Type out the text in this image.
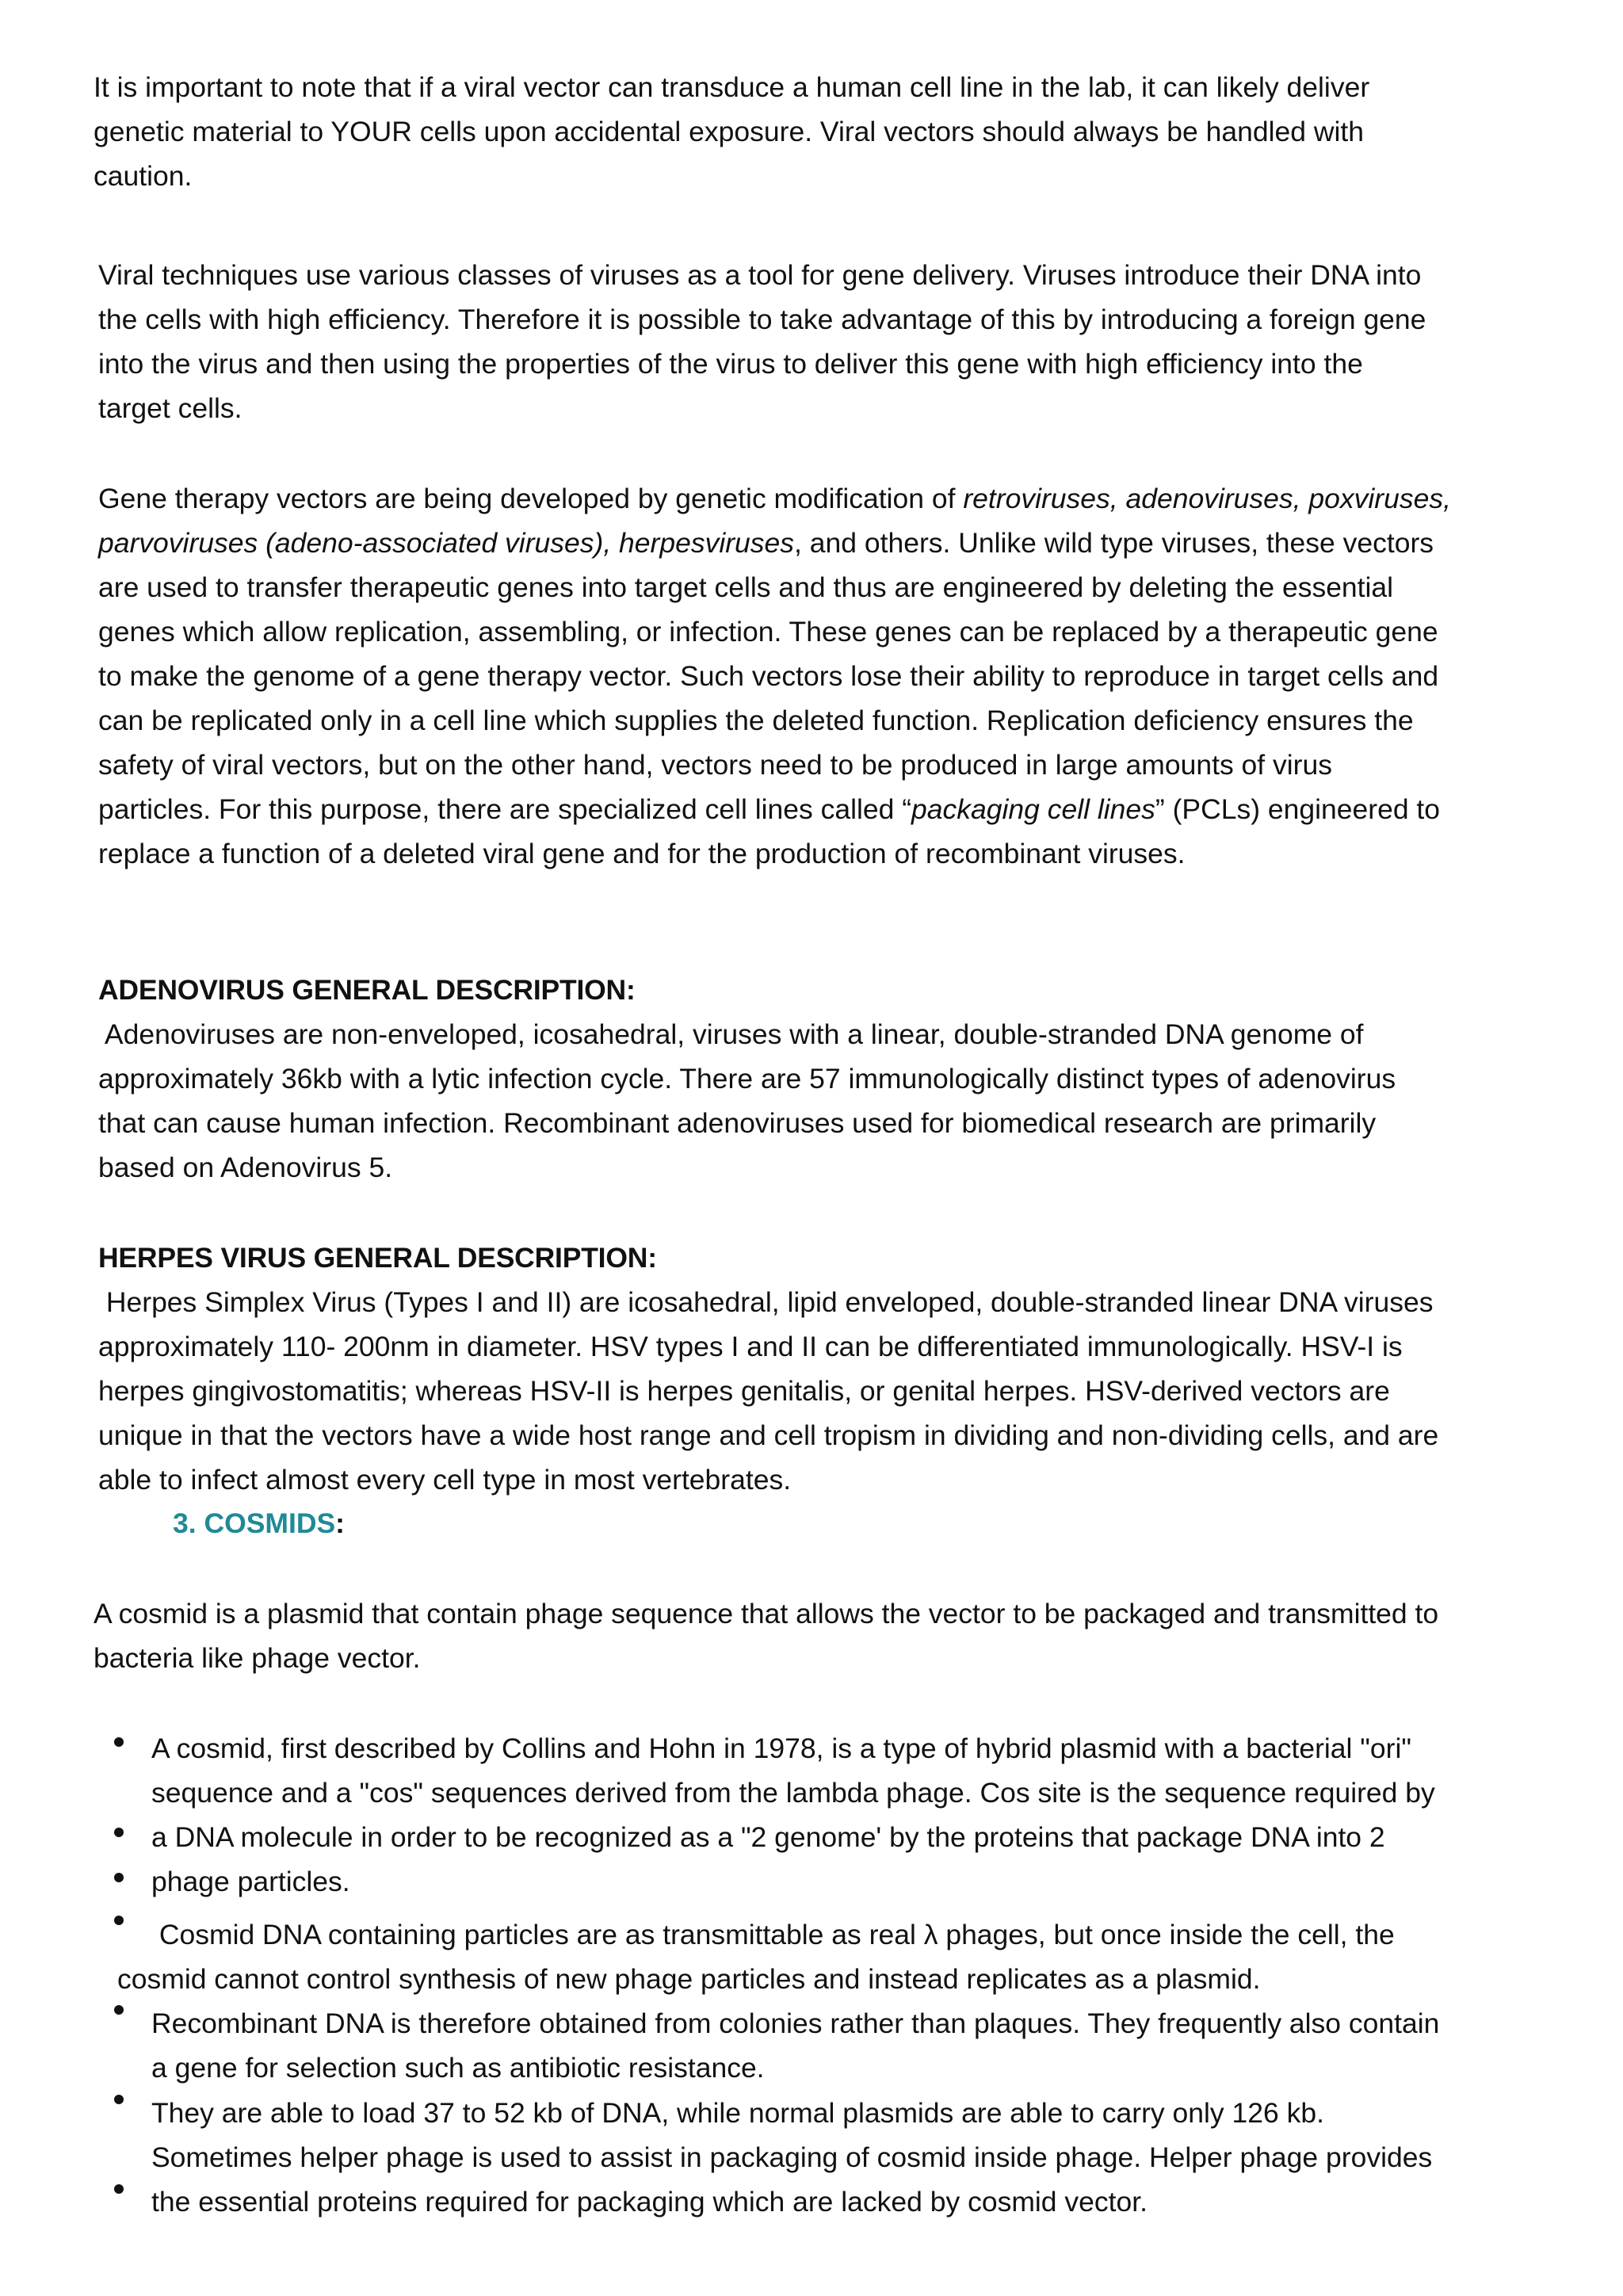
It is important to note that if a viral vector can transduce a human cell line in the lab, it can likely deliver

genetic material to YOUR cells upon accidental exposure. Viral vectors should always be handled with

caution.

Viral techniques use various classes of viruses as a tool for gene delivery. Viruses introduce their DNA into

the cells with high efficiency. Therefore it is possible to take advantage of this by introducing a foreign gene

into the virus and then using the properties of the virus to deliver this gene with high efficiency into the

target cells.

Gene therapy vectors are being developed by genetic modification of retroviruses, adenoviruses, poxviruses,

parvoviruses (adeno-associated viruses), herpesviruses, and others. Unlike wild type viruses, these vectors

are used to transfer therapeutic genes into target cells and thus are engineered by deleting the essential

genes which allow replication, assembling, or infection. These genes can be replaced by a therapeutic gene

to make the genome of a gene therapy vector. Such vectors lose their ability to reproduce in target cells and

can be replicated only in a cell line which supplies the deleted function. Replication deficiency ensures the

safety of viral vectors, but on the other hand, vectors need to be produced in large amounts of virus

particles. For this purpose, there are specialized cell lines called “packaging cell lines” (PCLs) engineered to

replace a function of a deleted viral gene and for the production of recombinant viruses.

ADENOVIRUS GENERAL DESCRIPTION:

Adenoviruses are non-enveloped, icosahedral, viruses with a linear, double-stranded DNA genome of

approximately 36kb with a lytic infection cycle. There are 57 immunologically distinct types of adenovirus

that can cause human infection. Recombinant adenoviruses used for biomedical research are primarily

based on Adenovirus 5.

HERPES VIRUS GENERAL DESCRIPTION:

Herpes Simplex Virus (Types I and II) are icosahedral, lipid enveloped, double-stranded linear DNA viruses

approximately 110- 200nm in diameter. HSV types I and II can be differentiated immunologically. HSV-I is

herpes gingivostomatitis; whereas HSV-II is herpes genitalis, or genital herpes. HSV-derived vectors are

unique in that the vectors have a wide host range and cell tropism in dividing and non-dividing cells, and are

able to infect almost every cell type in most vertebrates.

3. COSMIDS:

A cosmid is a plasmid that contain phage sequence that allows the vector to be packaged and transmitted to

bacteria like phage vector.

A cosmid, first described by Collins and Hohn in 1978, is a type of hybrid plasmid with a bacterial "ori"
sequence and a "cos" sequences derived from the lambda phage. Cos site is the sequence required by
a DNA molecule in order to be recognized as a "2 genome' by the proteins that package DNA into 2
phage particles.
Cosmid DNA containing particles are as transmittable as real λ phages, but once inside the cell, the
cosmid cannot control synthesis of new phage particles and instead replicates as a plasmid.
Recombinant DNA is therefore obtained from colonies rather than plaques. They frequently also contain
a gene for selection such as antibiotic resistance.
They are able to load 37 to 52 kb of DNA, while normal plasmids are able to carry only 126 kb.
Sometimes helper phage is used to assist in packaging of cosmid inside phage. Helper phage provides
the essential proteins required for packaging which are lacked by cosmid vector.
